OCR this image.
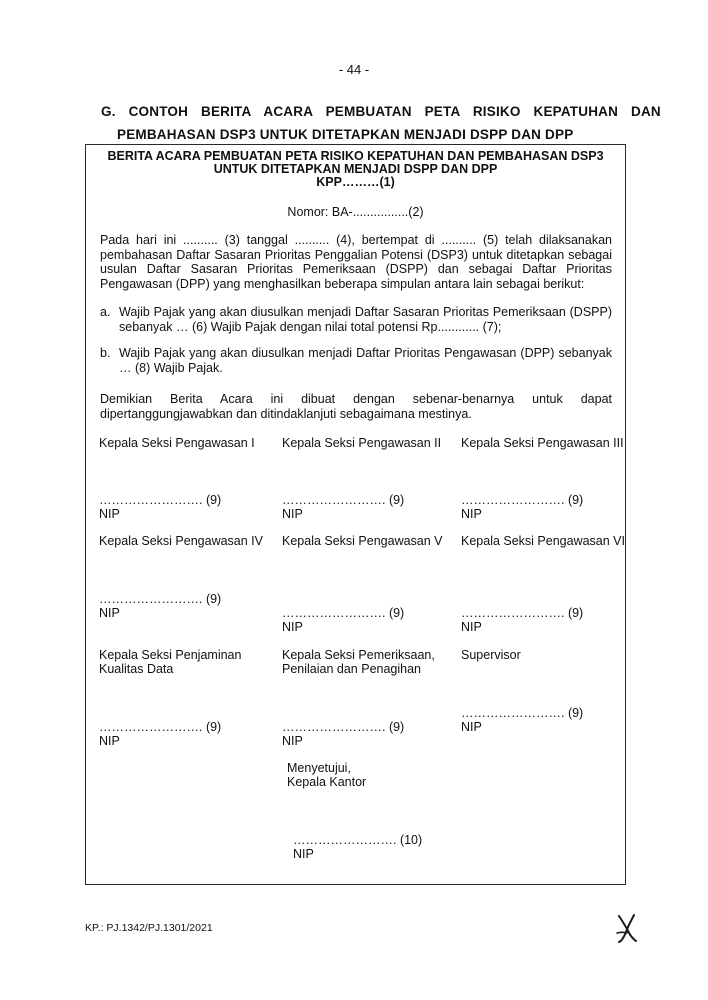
- 44 -
G. CONTOH BERITA ACARA PEMBUATAN PETA RISIKO KEPATUHAN DAN
PEMBAHASAN DSP3 UNTUK DITETAPKAN MENJADI DSPP DAN DPP
BERITA ACARA PEMBUATAN PETA RISIKO KEPATUHAN DAN PEMBAHASAN DSP3
UNTUK DITETAPKAN MENJADI DSPP DAN DPP
KPP………(1)
Nomor: BA-................(2)
Pada hari ini .......... (3) tanggal .......... (4), bertempat di .......... (5) telah dilaksanakan pembahasan Daftar Sasaran Prioritas Penggalian Potensi (DSP3) untuk ditetapkan sebagai usulan Daftar Sasaran Prioritas Pemeriksaan (DSPP) dan sebagai Daftar Prioritas Pengawasan (DPP) yang menghasilkan beberapa simpulan antara lain sebagai berikut:
a. Wajib Pajak yang akan diusulkan menjadi Daftar Sasaran Prioritas Pemeriksaan (DSPP) sebanyak … (6) Wajib Pajak dengan nilai total potensi Rp............ (7);
b. Wajib Pajak yang akan diusulkan menjadi Daftar Prioritas Pengawasan (DPP) sebanyak … (8) Wajib Pajak.
Demikian Berita Acara ini dibuat dengan sebenar-benarnya untuk dapat dipertanggungjawabkan dan ditindaklanjuti sebagaimana mestinya.
Kepala Seksi Pengawasan I
……………………. (9)
NIP
Kepala Seksi Pengawasan II
……………………. (9)
NIP
Kepala Seksi Pengawasan III
……………………. (9)
NIP
Kepala Seksi Pengawasan IV
……………………. (9)
NIP
Kepala Seksi Pengawasan V
……………………. (9)
NIP
Kepala Seksi Pengawasan VI
……………………. (9)
NIP
Kepala Seksi Penjaminan Kualitas Data
……………………. (9)
NIP
Kepala Seksi Pemeriksaan, Penilaian dan Penagihan
……………………. (9)
NIP
Supervisor
……………………. (9)
NIP
Menyetujui,
Kepala Kantor
……………………. (10)
NIP
KP.: PJ.1342/PJ.1301/2021
